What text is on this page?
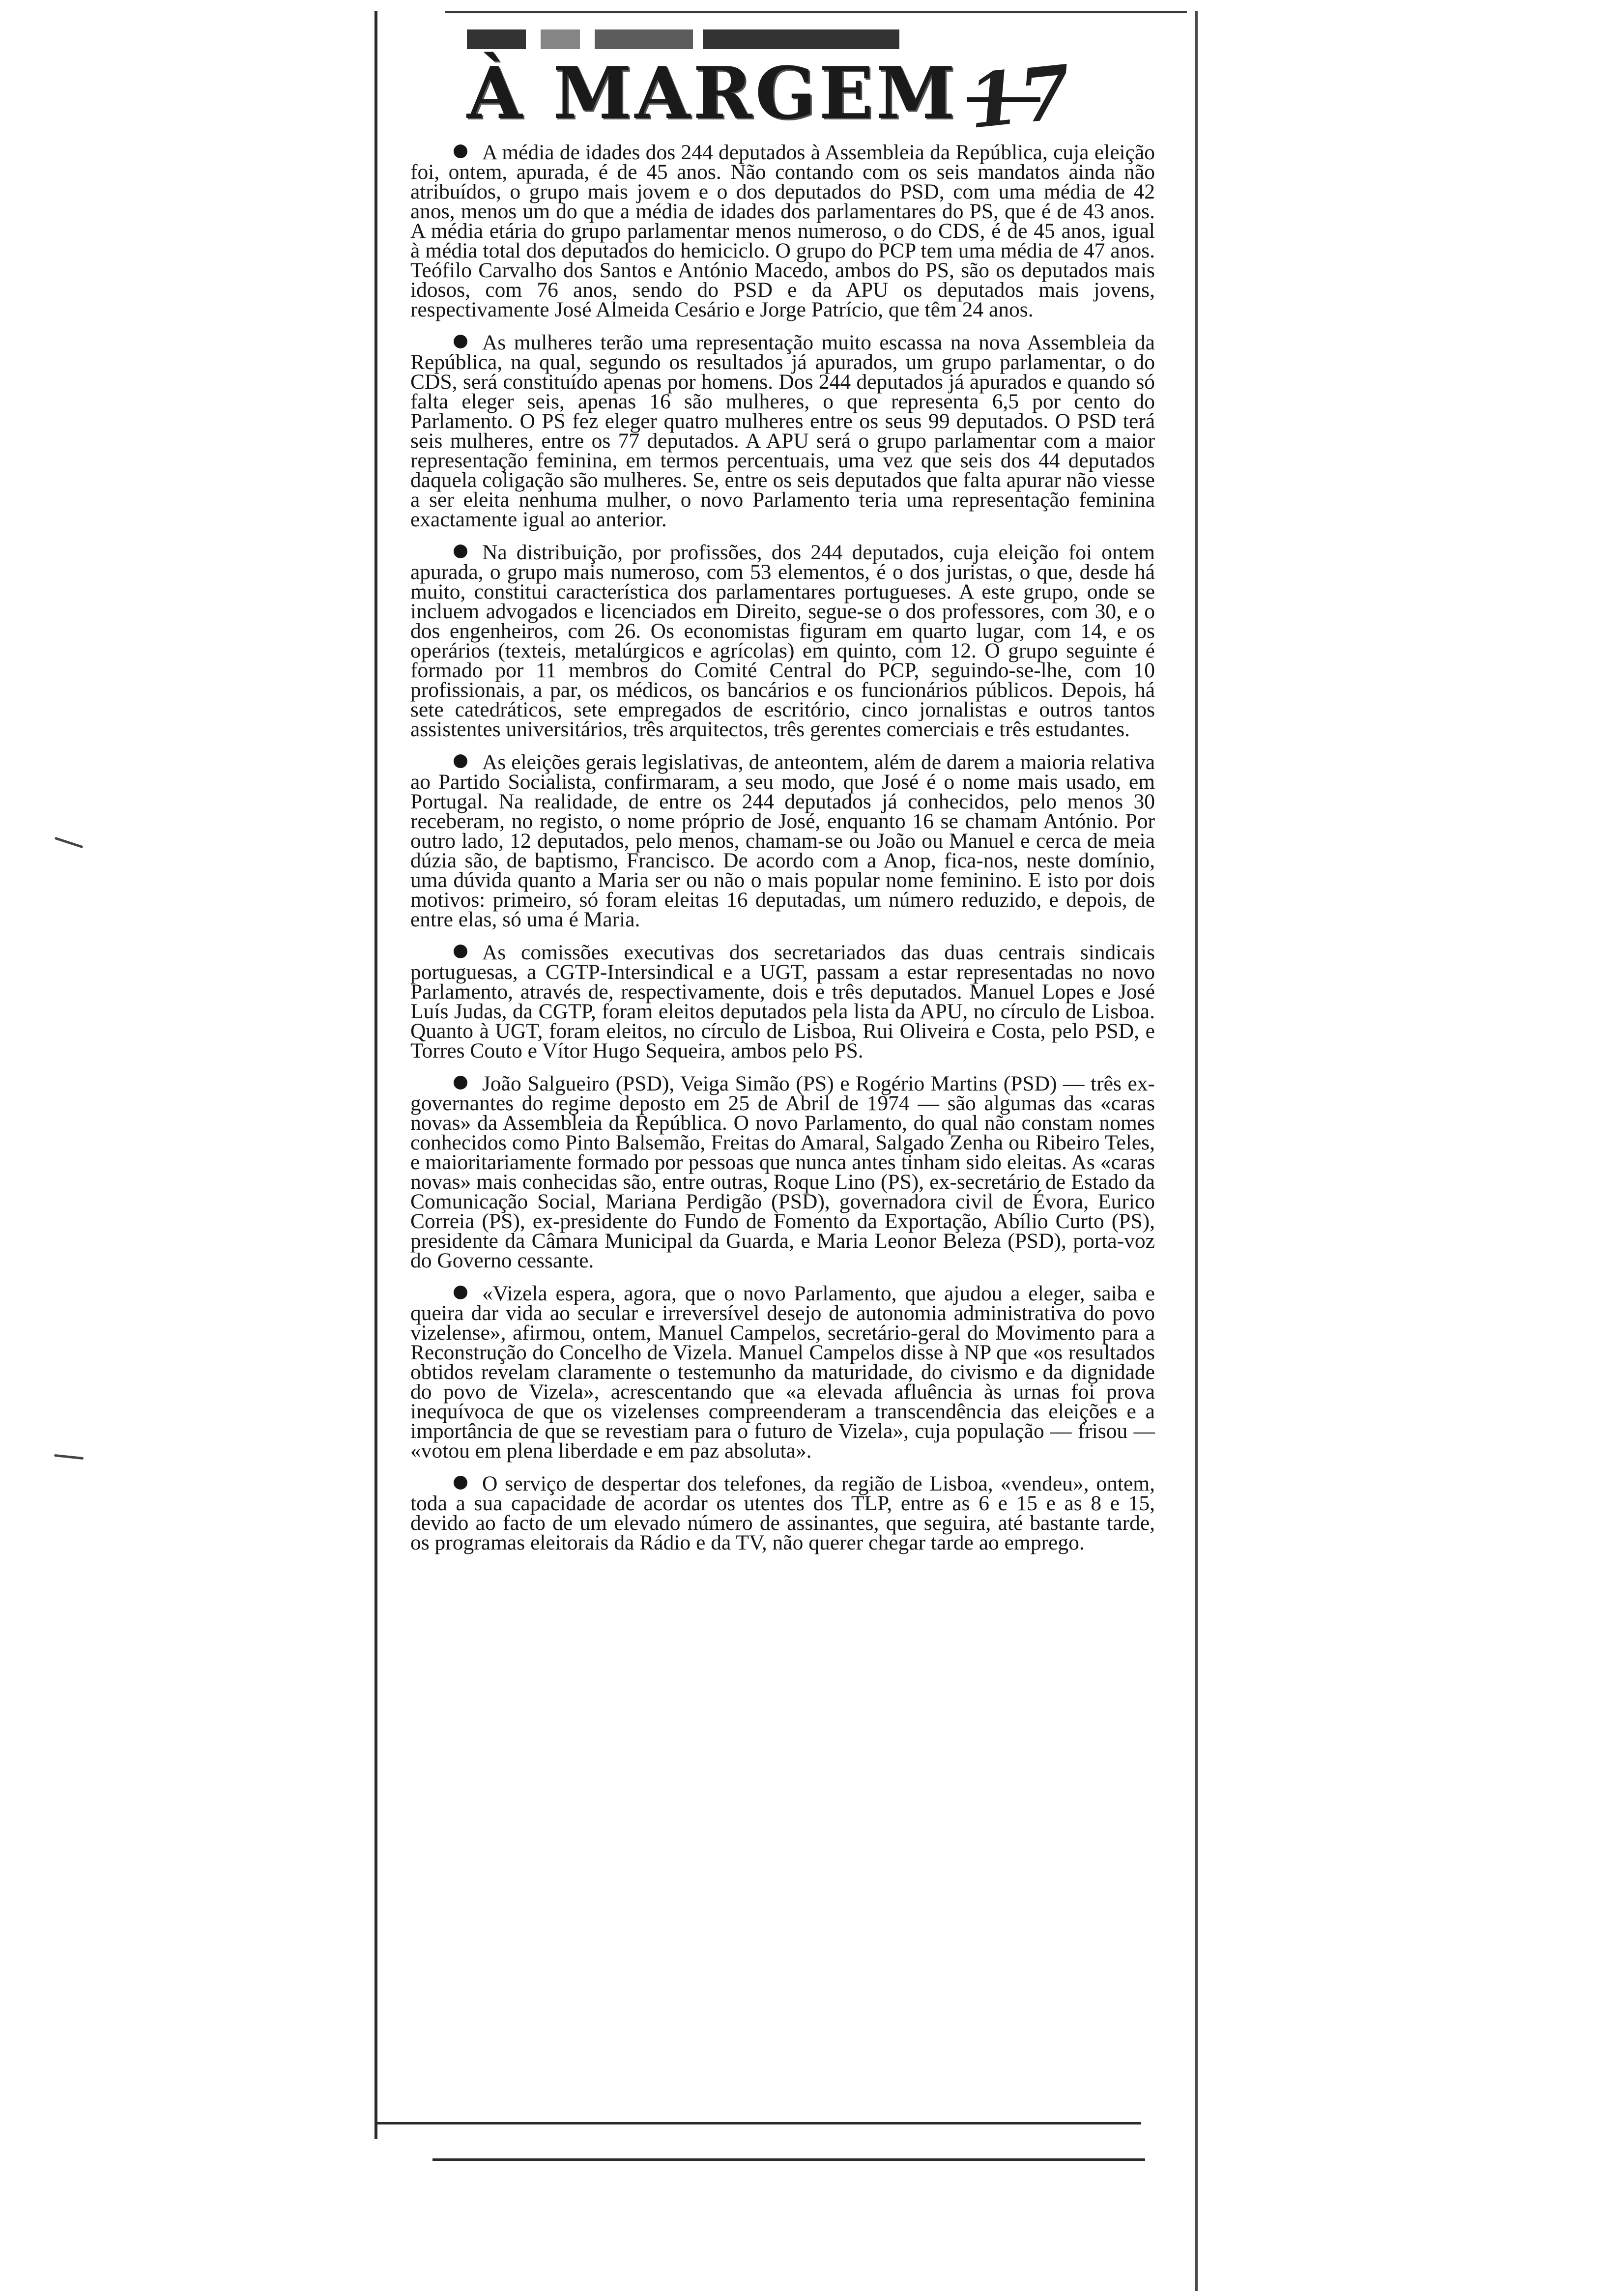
À MARGEM 17

A média de idades dos 244 deputados à Assembleia da República, cuja eleição foi, ontem, apurada, é de 45 anos. Não contando com os seis mandatos ainda não atribuídos, o grupo mais jovem e o dos deputados do PSD, com uma média de 42 anos, menos um do que a média de idades dos parlamentares do PS, que é de 43 anos. A média etária do grupo parlamentar menos numeroso, o do CDS, é de 45 anos, igual à média total dos deputados do hemiciclo. O grupo do PCP tem uma média de 47 anos. Teófilo Carvalho dos Santos e António Macedo, ambos do PS, são os deputados mais idosos, com 76 anos, sendo do PSD e da APU os deputados mais jovens, respectivamente José Almeida Cesário e Jorge Patrício, que têm 24 anos.

As mulheres terão uma representação muito escassa na nova Assembleia da República, na qual, segundo os resultados já apurados, um grupo parlamentar, o do CDS, será constituído apenas por homens. Dos 244 deputados já apurados e quando só falta eleger seis, apenas 16 são mulheres, o que representa 6,5 por cento do Parlamento. O PS fez eleger quatro mulheres entre os seus 99 deputados. O PSD terá seis mulheres, entre os 77 deputados. A APU será o grupo parlamentar com a maior representação feminina, em termos percentuais, uma vez que seis dos 44 deputados daquela coligação são mulheres. Se, entre os seis deputados que falta apurar não viesse a ser eleita nenhuma mulher, o novo Parlamento teria uma representação feminina exactamente igual ao anterior.

Na distribuição, por profissões, dos 244 deputados, cuja eleição foi ontem apurada, o grupo mais numeroso, com 53 elementos, é o dos juristas, o que, desde há muito, constitui característica dos parlamentares portugueses. A este grupo, onde se incluem advogados e licenciados em Direito, segue-se o dos professores, com 30, e o dos engenheiros, com 26. Os economistas figuram em quarto lugar, com 14, e os operários (texteis, metalúrgicos e agrícolas) em quinto, com 12. O grupo seguinte é formado por 11 membros do Comité Central do PCP, seguindo-se-lhe, com 10 profissionais, a par, os médicos, os bancários e os funcionários públicos. Depois, há sete catedráticos, sete empregados de escritório, cinco jornalistas e outros tantos assistentes universitários, três arquitectos, três gerentes comerciais e três estudantes.

As eleições gerais legislativas, de anteontem, além de darem a maioria relativa ao Partido Socialista, confirmaram, a seu modo, que José é o nome mais usado, em Portugal. Na realidade, de entre os 244 deputados já conhecidos, pelo menos 30 receberam, no registo, o nome próprio de José, enquanto 16 se chamam António. Por outro lado, 12 deputados, pelo menos, chamam-se ou João ou Manuel e cerca de meia dúzia são, de baptismo, Francisco. De acordo com a Anop, fica-nos, neste domínio, uma dúvida quanto a Maria ser ou não o mais popular nome feminino. E isto por dois motivos: primeiro, só foram eleitas 16 deputadas, um número reduzido, e depois, de entre elas, só uma é Maria.

As comissões executivas dos secretariados das duas centrais sindicais portuguesas, a CGTP-Intersindical e a UGT, passam a estar representadas no novo Parlamento, através de, respectivamente, dois e três deputados. Manuel Lopes e José Luís Judas, da CGTP, foram eleitos deputados pela lista da APU, no círculo de Lisboa. Quanto à UGT, foram eleitos, no círculo de Lisboa, Rui Oliveira e Costa, pelo PSD, e Torres Couto e Vítor Hugo Sequeira, ambos pelo PS.

João Salgueiro (PSD), Veiga Simão (PS) e Rogério Martins (PSD) — três ex-governantes do regime deposto em 25 de Abril de 1974 — são algumas das «caras novas» da Assembleia da República. O novo Parlamento, do qual não constam nomes conhecidos como Pinto Balsemão, Freitas do Amaral, Salgado Zenha ou Ribeiro Teles, e maioritariamente formado por pessoas que nunca antes tinham sido eleitas. As «caras novas» mais conhecidas são, entre outras, Roque Lino (PS), ex-secretário de Estado da Comunicação Social, Mariana Perdigão (PSD), governadora civil de Évora, Eurico Correia (PS), ex-presidente do Fundo de Fomento da Exportação, Abílio Curto (PS), presidente da Câmara Municipal da Guarda, e Maria Leonor Beleza (PSD), porta-voz do Governo cessante.

«Vizela espera, agora, que o novo Parlamento, que ajudou a eleger, saiba e queira dar vida ao secular e irreversível desejo de autonomia administrativa do povo vizelense», afirmou, ontem, Manuel Campelos, secretário-geral do Movimento para a Reconstrução do Concelho de Vizela. Manuel Campelos disse à NP que «os resultados obtidos revelam claramente o testemunho da maturidade, do civismo e da dignidade do povo de Vizela», acrescentando que «a elevada afluência às urnas foi prova inequívoca de que os vizelenses compreenderam a transcendência das eleições e a importância de que se revestiam para o futuro de Vizela», cuja população — frisou — «votou em plena liberdade e em paz absoluta».

O serviço de despertar dos telefones, da região de Lisboa, «vendeu», ontem, toda a sua capacidade de acordar os utentes dos TLP, entre as 6 e 15 e as 8 e 15, devido ao facto de um elevado número de assinantes, que seguira, até bastante tarde, os programas eleitorais da Rádio e da TV, não querer chegar tarde ao emprego.
